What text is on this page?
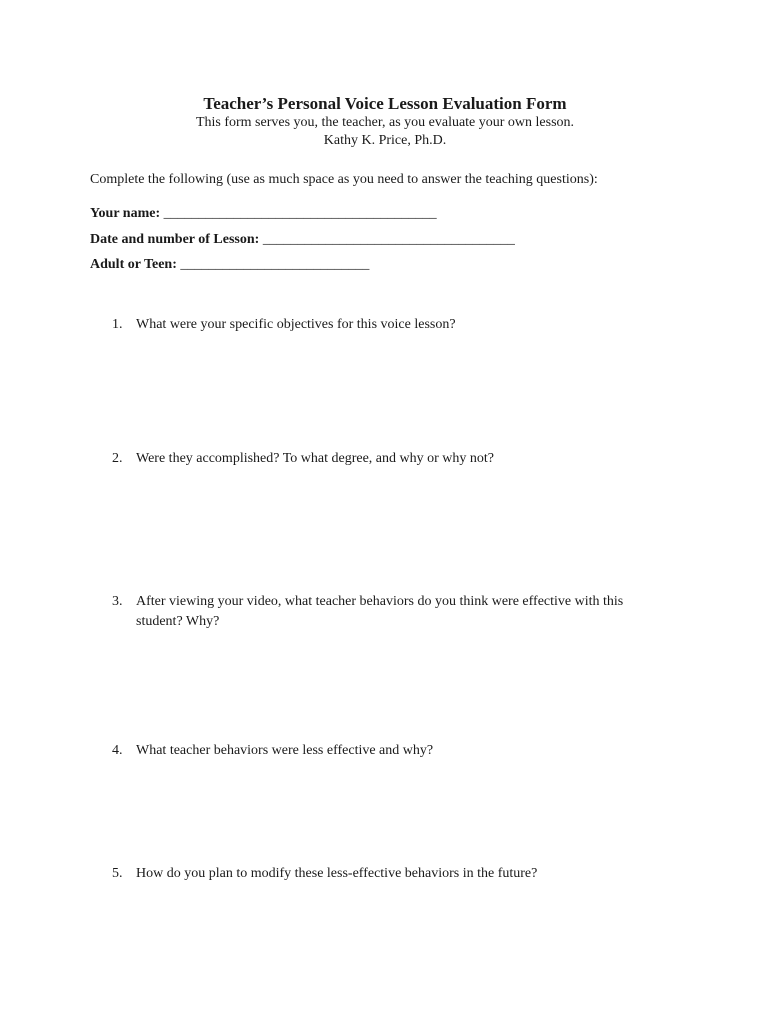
Teacher’s Personal Voice Lesson Evaluation Form
This form serves you, the teacher, as you evaluate your own lesson.
Kathy K. Price, Ph.D.
Complete the following (use as much space as you need to answer the teaching questions):
Your name: _______________________________________
Date and number of Lesson: ____________________________________
Adult or Teen: ___________________________
1. What were your specific objectives for this voice lesson?
2. Were they accomplished? To what degree, and why or why not?
3. After viewing your video, what teacher behaviors do you think were effective with this student? Why?
4. What teacher behaviors were less effective and why?
5. How do you plan to modify these less-effective behaviors in the future?
